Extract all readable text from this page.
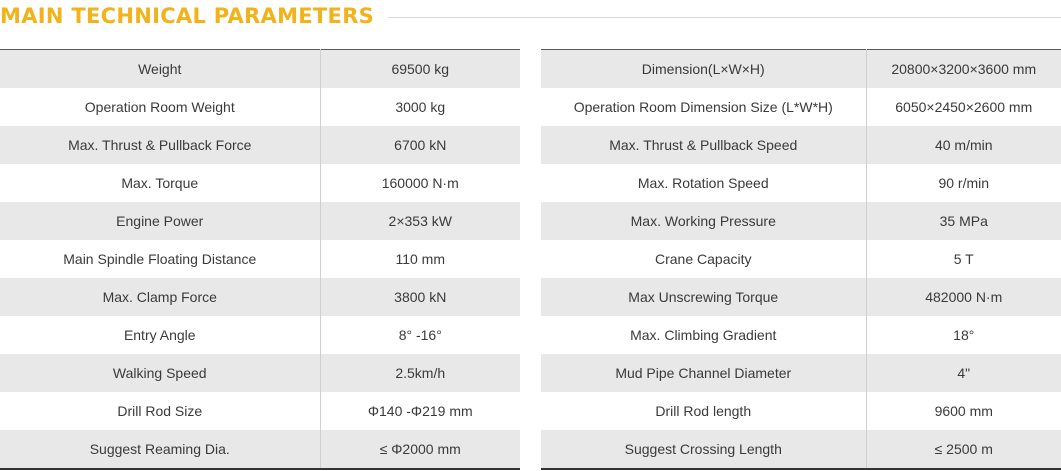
MAIN TECHNICAL PARAMETERS
Weight	69500 kg
Operation Room Weight	3000 kg
Max. Thrust & Pullback Force	6700 kN
Max. Torque	160000 N·m
Engine Power	2×353 kW
Main Spindle Floating Distance	110 mm
Max. Clamp Force	3800 kN
Entry Angle	8° -16°
Walking Speed	2.5km/h
Drill Rod Size	Φ140 -Φ219 mm
Suggest Reaming Dia.	≤ Φ2000 mm
Dimension(L×W×H)	20800×3200×3600 mm
Operation Room Dimension Size (L*W*H)	6050×2450×2600 mm
Max. Thrust & Pullback Speed	40 m/min
Max. Rotation Speed	90 r/min
Max. Working Pressure	35 MPa
Crane Capacity	5 T
Max Unscrewing Torque	482000 N·m
Max. Climbing Gradient	18°
Mud Pipe Channel Diameter	4"
Drill Rod length	9600 mm
Suggest Crossing Length	≤ 2500 m
